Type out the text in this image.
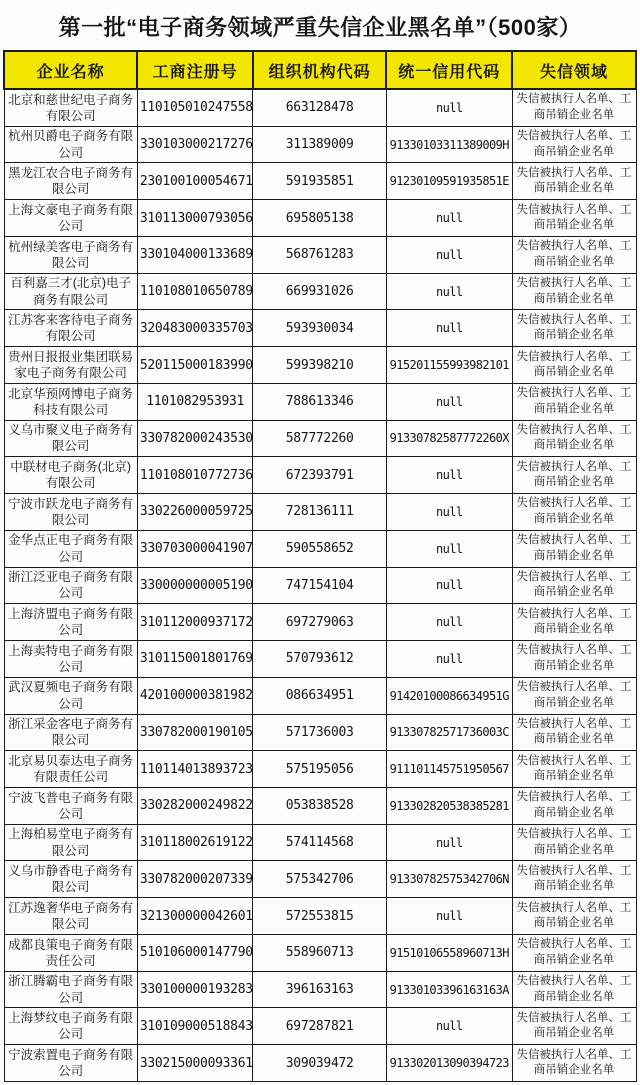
第一批“电子商务领域严重失信企业黑名单”（500家）
企业名称	工商注册号	组织机构代码	统一信用代码	失信领域
北京和慈世纪电子商务有限公司	110105010247558	663128478	null	失信被执行人名单、工商吊销企业名单
杭州贝爵电子商务有限公司	330103000217276	311389009	91330103311389009H	失信被执行人名单、工商吊销企业名单
黑龙江农合电子商务有限公司	230100100054671	591935851	91230109591935851E	失信被执行人名单、工商吊销企业名单
上海文豪电子商务有限公司	310113000793056	695805138	null	失信被执行人名单、工商吊销企业名单
杭州绿美客电子商务有限公司	330104000133689	568761283	null	失信被执行人名单、工商吊销企业名单
百利嘉三才(北京)电子商务有限公司	110108010650789	669931026	null	失信被执行人名单、工商吊销企业名单
江苏客来客待电子商务有限公司	320483000335703	593930034	null	失信被执行人名单、工商吊销企业名单
贵州日报报业集团联易家电子商务有限公司	520115000183990	599398210	915201155993982101	失信被执行人名单、工商吊销企业名单
北京华预网博电子商务科技有限公司	1101082953931	788613346	null	失信被执行人名单、工商吊销企业名单
义乌市聚义电子商务有限公司	330782000243530	587772260	91330782587772260X	失信被执行人名单、工商吊销企业名单
中联材电子商务(北京)有限公司	110108010772736	672393791	null	失信被执行人名单、工商吊销企业名单
宁波市跃龙电子商务有限公司	330226000059725	728136111	null	失信被执行人名单、工商吊销企业名单
金华点正电子商务有限公司	330703000041907	590558652	null	失信被执行人名单、工商吊销企业名单
浙江泛亚电子商务有限公司	330000000005190	747154104	null	失信被执行人名单、工商吊销企业名单
上海济盟电子商务有限公司	310112000937172	697279063	null	失信被执行人名单、工商吊销企业名单
上海卖特电子商务有限公司	310115001801769	570793612	null	失信被执行人名单、工商吊销企业名单
武汉夏频电子商务有限公司	420100000381982	086634951	91420100086634951G	失信被执行人名单、工商吊销企业名单
浙江采金客电子商务有限公司	330782000190105	571736003	91330782571736003C	失信被执行人名单、工商吊销企业名单
北京易贝泰达电子商务有限责任公司	110114013893723	575195056	911101145751950567	失信被执行人名单、工商吊销企业名单
宁波飞普电子商务有限公司	330282000249822	053838528	913302820538385281	失信被执行人名单、工商吊销企业名单
上海柏易堂电子商务有限公司	310118002619122	574114568	null	失信被执行人名单、工商吊销企业名单
义乌市静香电子商务有限公司	330782000207339	575342706	91330782575342706N	失信被执行人名单、工商吊销企业名单
江苏逸奢华电子商务有限公司	321300000042601	572553815	null	失信被执行人名单、工商吊销企业名单
成都良策电子商务有限责任公司	510106000147790	558960713	91510106558960713H	失信被执行人名单、工商吊销企业名单
浙江腾霸电子商务有限公司	330100000193283	396163163	91330103396163163A	失信被执行人名单、工商吊销企业名单
上海梦纹电子商务有限公司	310109000518843	697287821	null	失信被执行人名单、工商吊销企业名单
宁波索置电子商务有限公司	330215000093361	309039472	913302013090394723	失信被执行人名单、工商吊销企业名单
